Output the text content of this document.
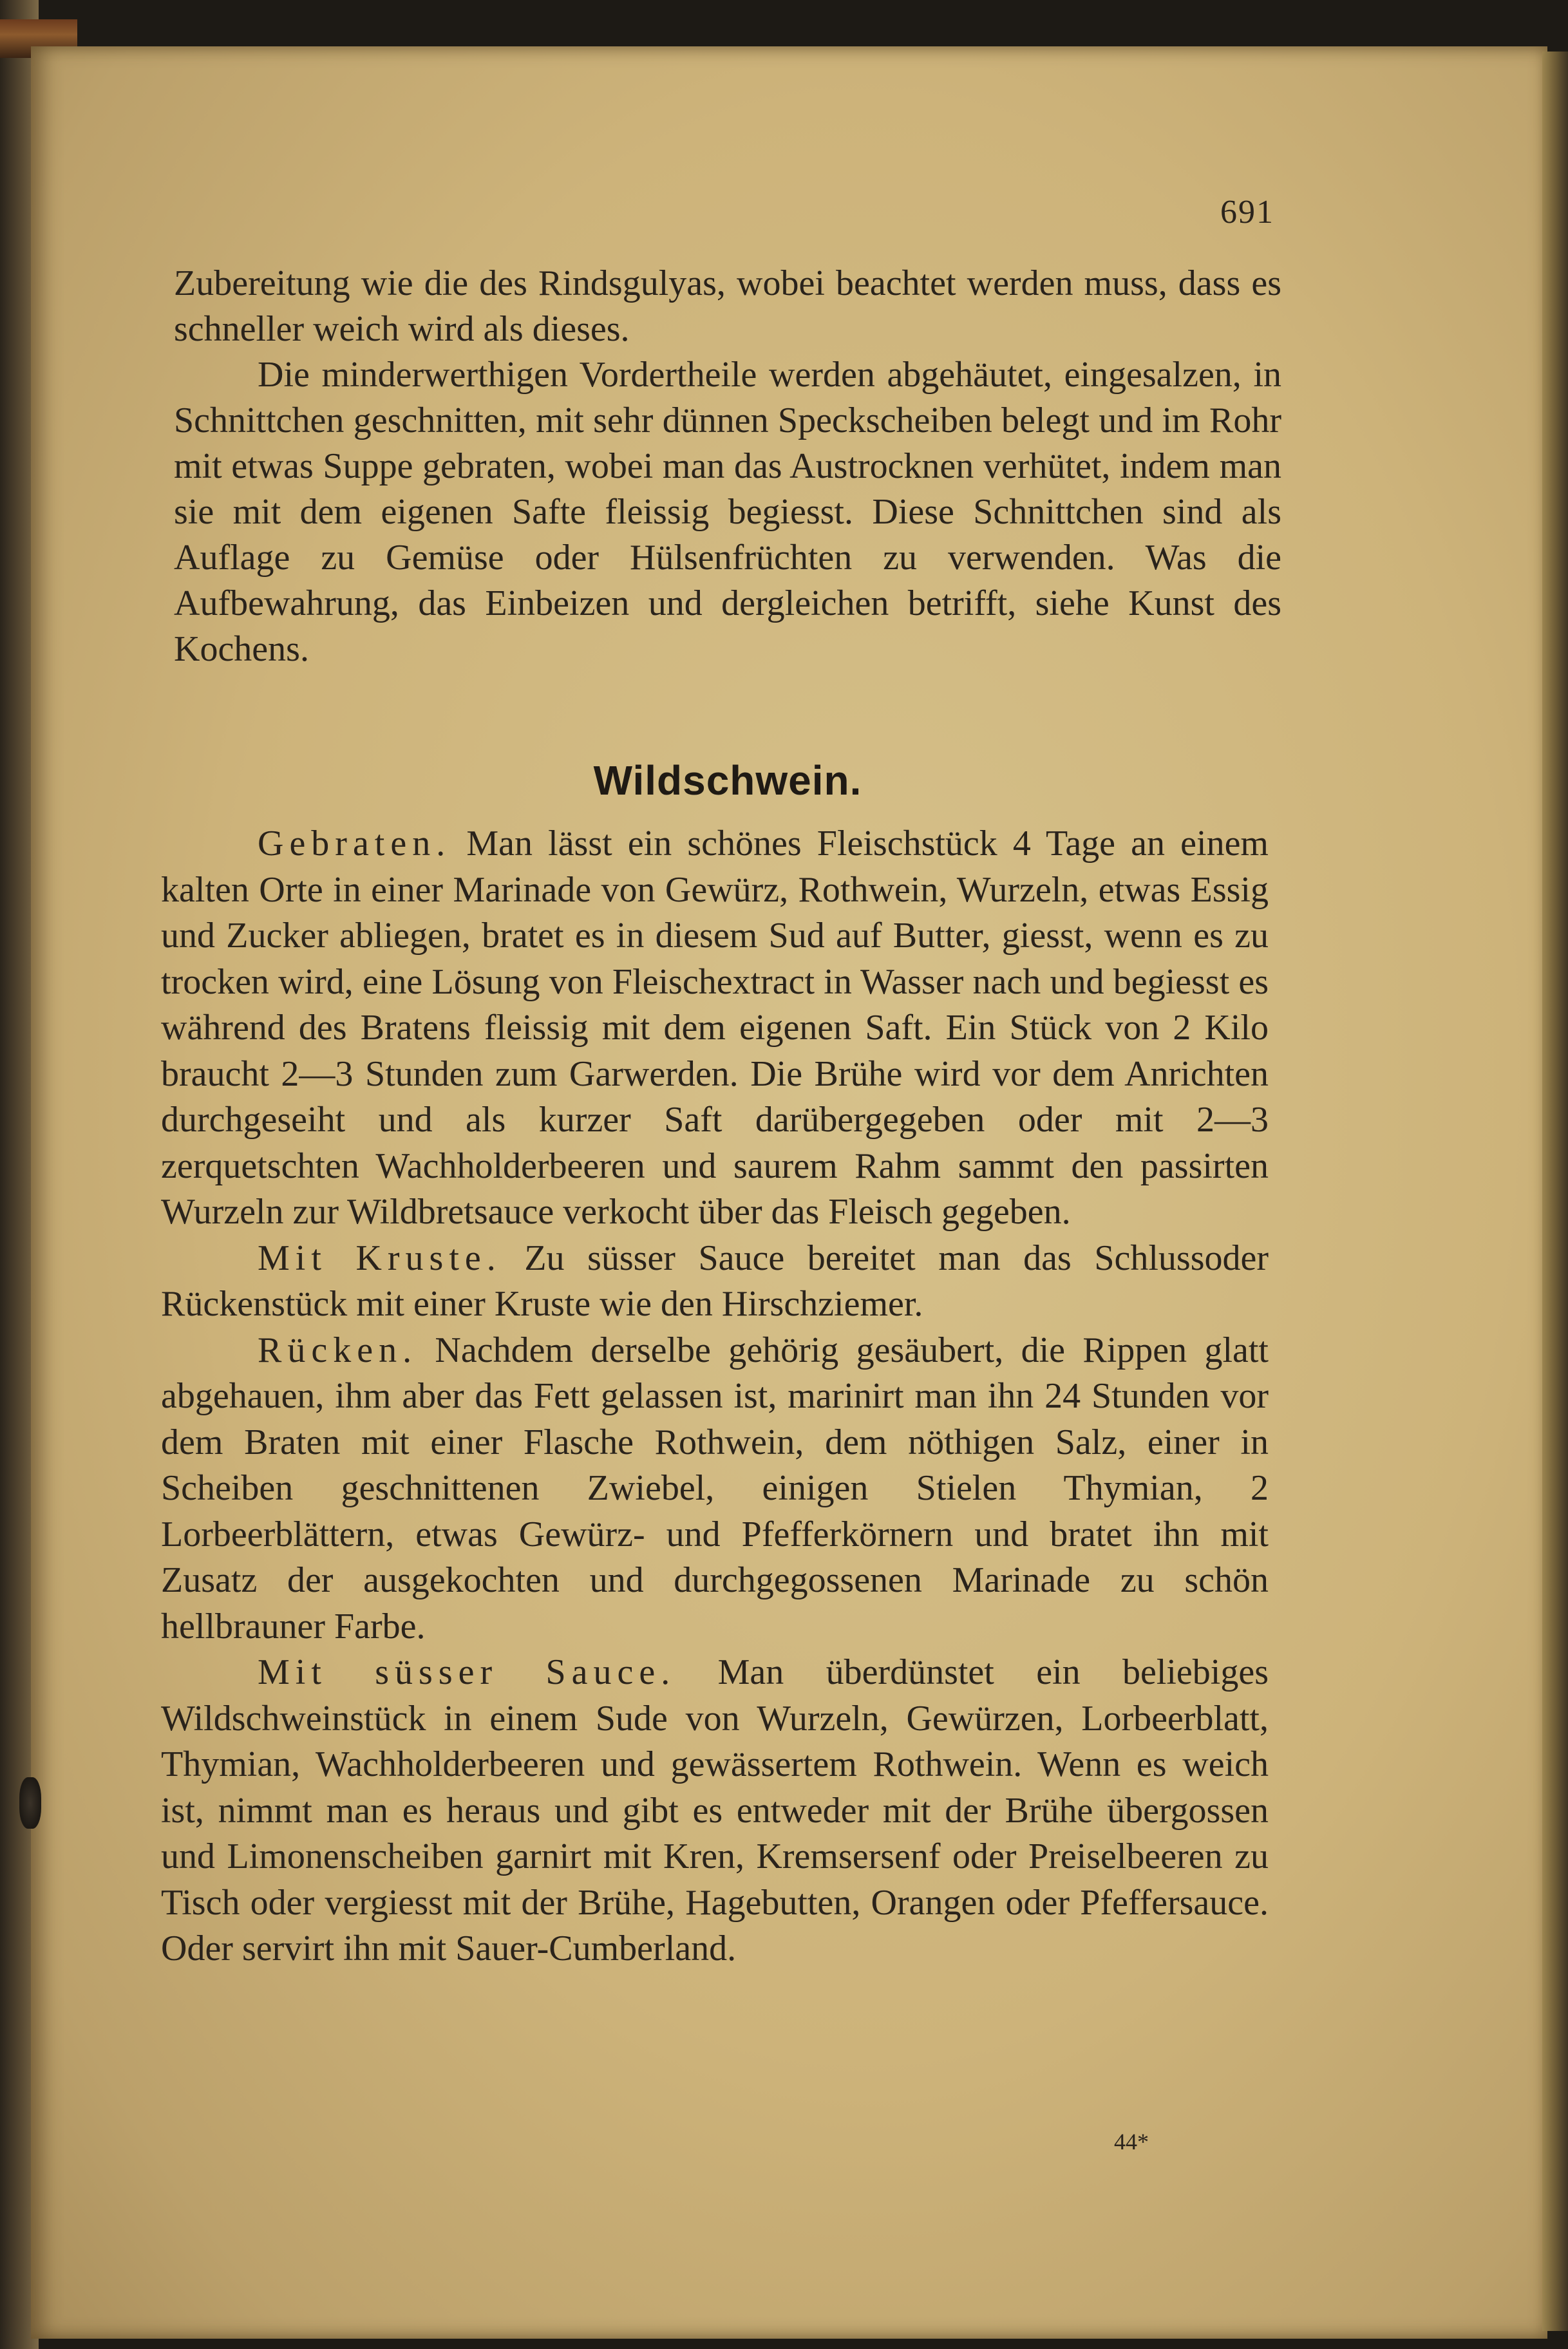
691

Zubereitung wie die des Rindsgulyas, wobei beachtet werden muss, dass es schneller weich wird als dieses.

Die minderwerthigen Vordertheile werden abgehäutet, eingesalzen, in Schnittchen geschnitten, mit sehr dünnen Speckscheiben belegt und im Rohr mit etwas Suppe gebraten, wobei man das Austrocknen verhütet, indem man sie mit dem eigenen Safte fleissig begiesst. Diese Schnittchen sind als Auflage zu Gemüse oder Hülsenfrüchten zu verwenden. Was die Aufbewahrung, das Einbeizen und dergleichen betrifft, siehe Kunst des Kochens.

Wildschwein.

Gebraten. Man lässt ein schönes Fleischstück 4 Tage an einem kalten Orte in einer Marinade von Gewürz, Rothwein, Wurzeln, etwas Essig und Zucker abliegen, bratet es in diesem Sud auf Butter, giesst, wenn es zu trocken wird, eine Lösung von Fleischextract in Wasser nach und begiesst es während des Bratens fleissig mit dem eigenen Saft. Ein Stück von 2 Kilo braucht 2—3 Stunden zum Garwerden. Die Brühe wird vor dem Anrichten durchgeseiht und als kurzer Saft darübergegeben oder mit 2—3 zerquetschten Wachholderbeeren und saurem Rahm sammt den passirten Wurzeln zur Wildbretsauce verkocht über das Fleisch gegeben.

Mit Kruste. Zu süsser Sauce bereitet man das Schlussoder Rückenstück mit einer Kruste wie den Hirschziemer.

Rücken. Nachdem derselbe gehörig gesäubert, die Rippen glatt abgehauen, ihm aber das Fett gelassen ist, marinirt man ihn 24 Stunden vor dem Braten mit einer Flasche Rothwein, dem nöthigen Salz, einer in Scheiben geschnittenen Zwiebel, einigen Stielen Thymian, 2 Lorbeerblättern, etwas Gewürz- und Pfefferkörnern und bratet ihn mit Zusatz der ausgekochten und durchgegossenen Marinade zu schön hellbrauner Farbe.

Mit süsser Sauce. Man überdünstet ein beliebiges Wildschweinstück in einem Sude von Wurzeln, Gewürzen, Lorbeerblatt, Thymian, Wachholderbeeren und gewässertem Rothwein. Wenn es weich ist, nimmt man es heraus und gibt es entweder mit der Brühe übergossen und Limonenscheiben garnirt mit Kren, Kremsersenf oder Preiselbeeren zu Tisch oder vergiesst mit der Brühe, Hagebutten, Orangen oder Pfeffersauce. Oder servirt ihn mit Sauer-Cumberland.

44*
